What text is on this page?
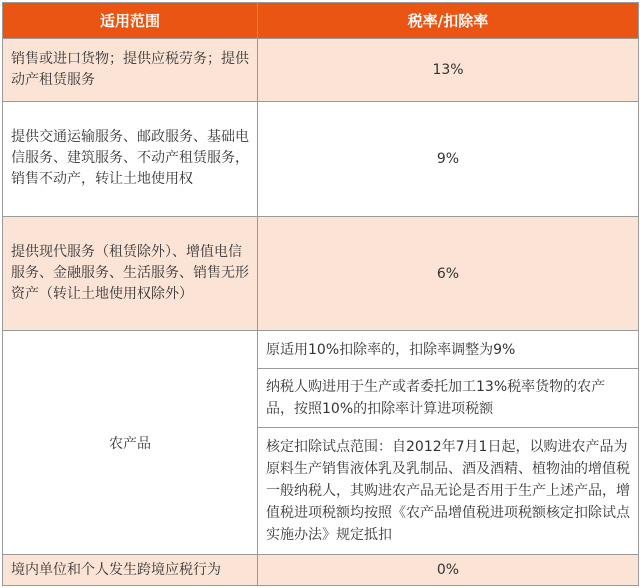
适用范围	税率/扣除率
销售或进口货物；提供应税劳务；提供动产租赁服务	13%
提供交通运输服务、邮政服务、基础电信服务、建筑服务、不动产租赁服务，销售不动产，转让土地使用权	9%
提供现代服务（租赁除外）、增值电信服务、金融服务、生活服务、销售无形资产（转让土地使用权除外）	6%
农产品	原适用10%扣除率的，扣除率调整为9%
	纳税人购进用于生产或者委托加工13%税率货物的农产品，按照10%的扣除率计算进项税额
	核定扣除试点范围：自2012年7月1日起，以购进农产品为原料生产销售液体乳及乳制品、酒及酒精、植物油的增值税一般纳税人，其购进农产品无论是否用于生产上述产品，增值税进项税额均按照《农产品增值税进项税额核定扣除试点实施办法》规定抵扣
境内单位和个人发生跨境应税行为	0%
